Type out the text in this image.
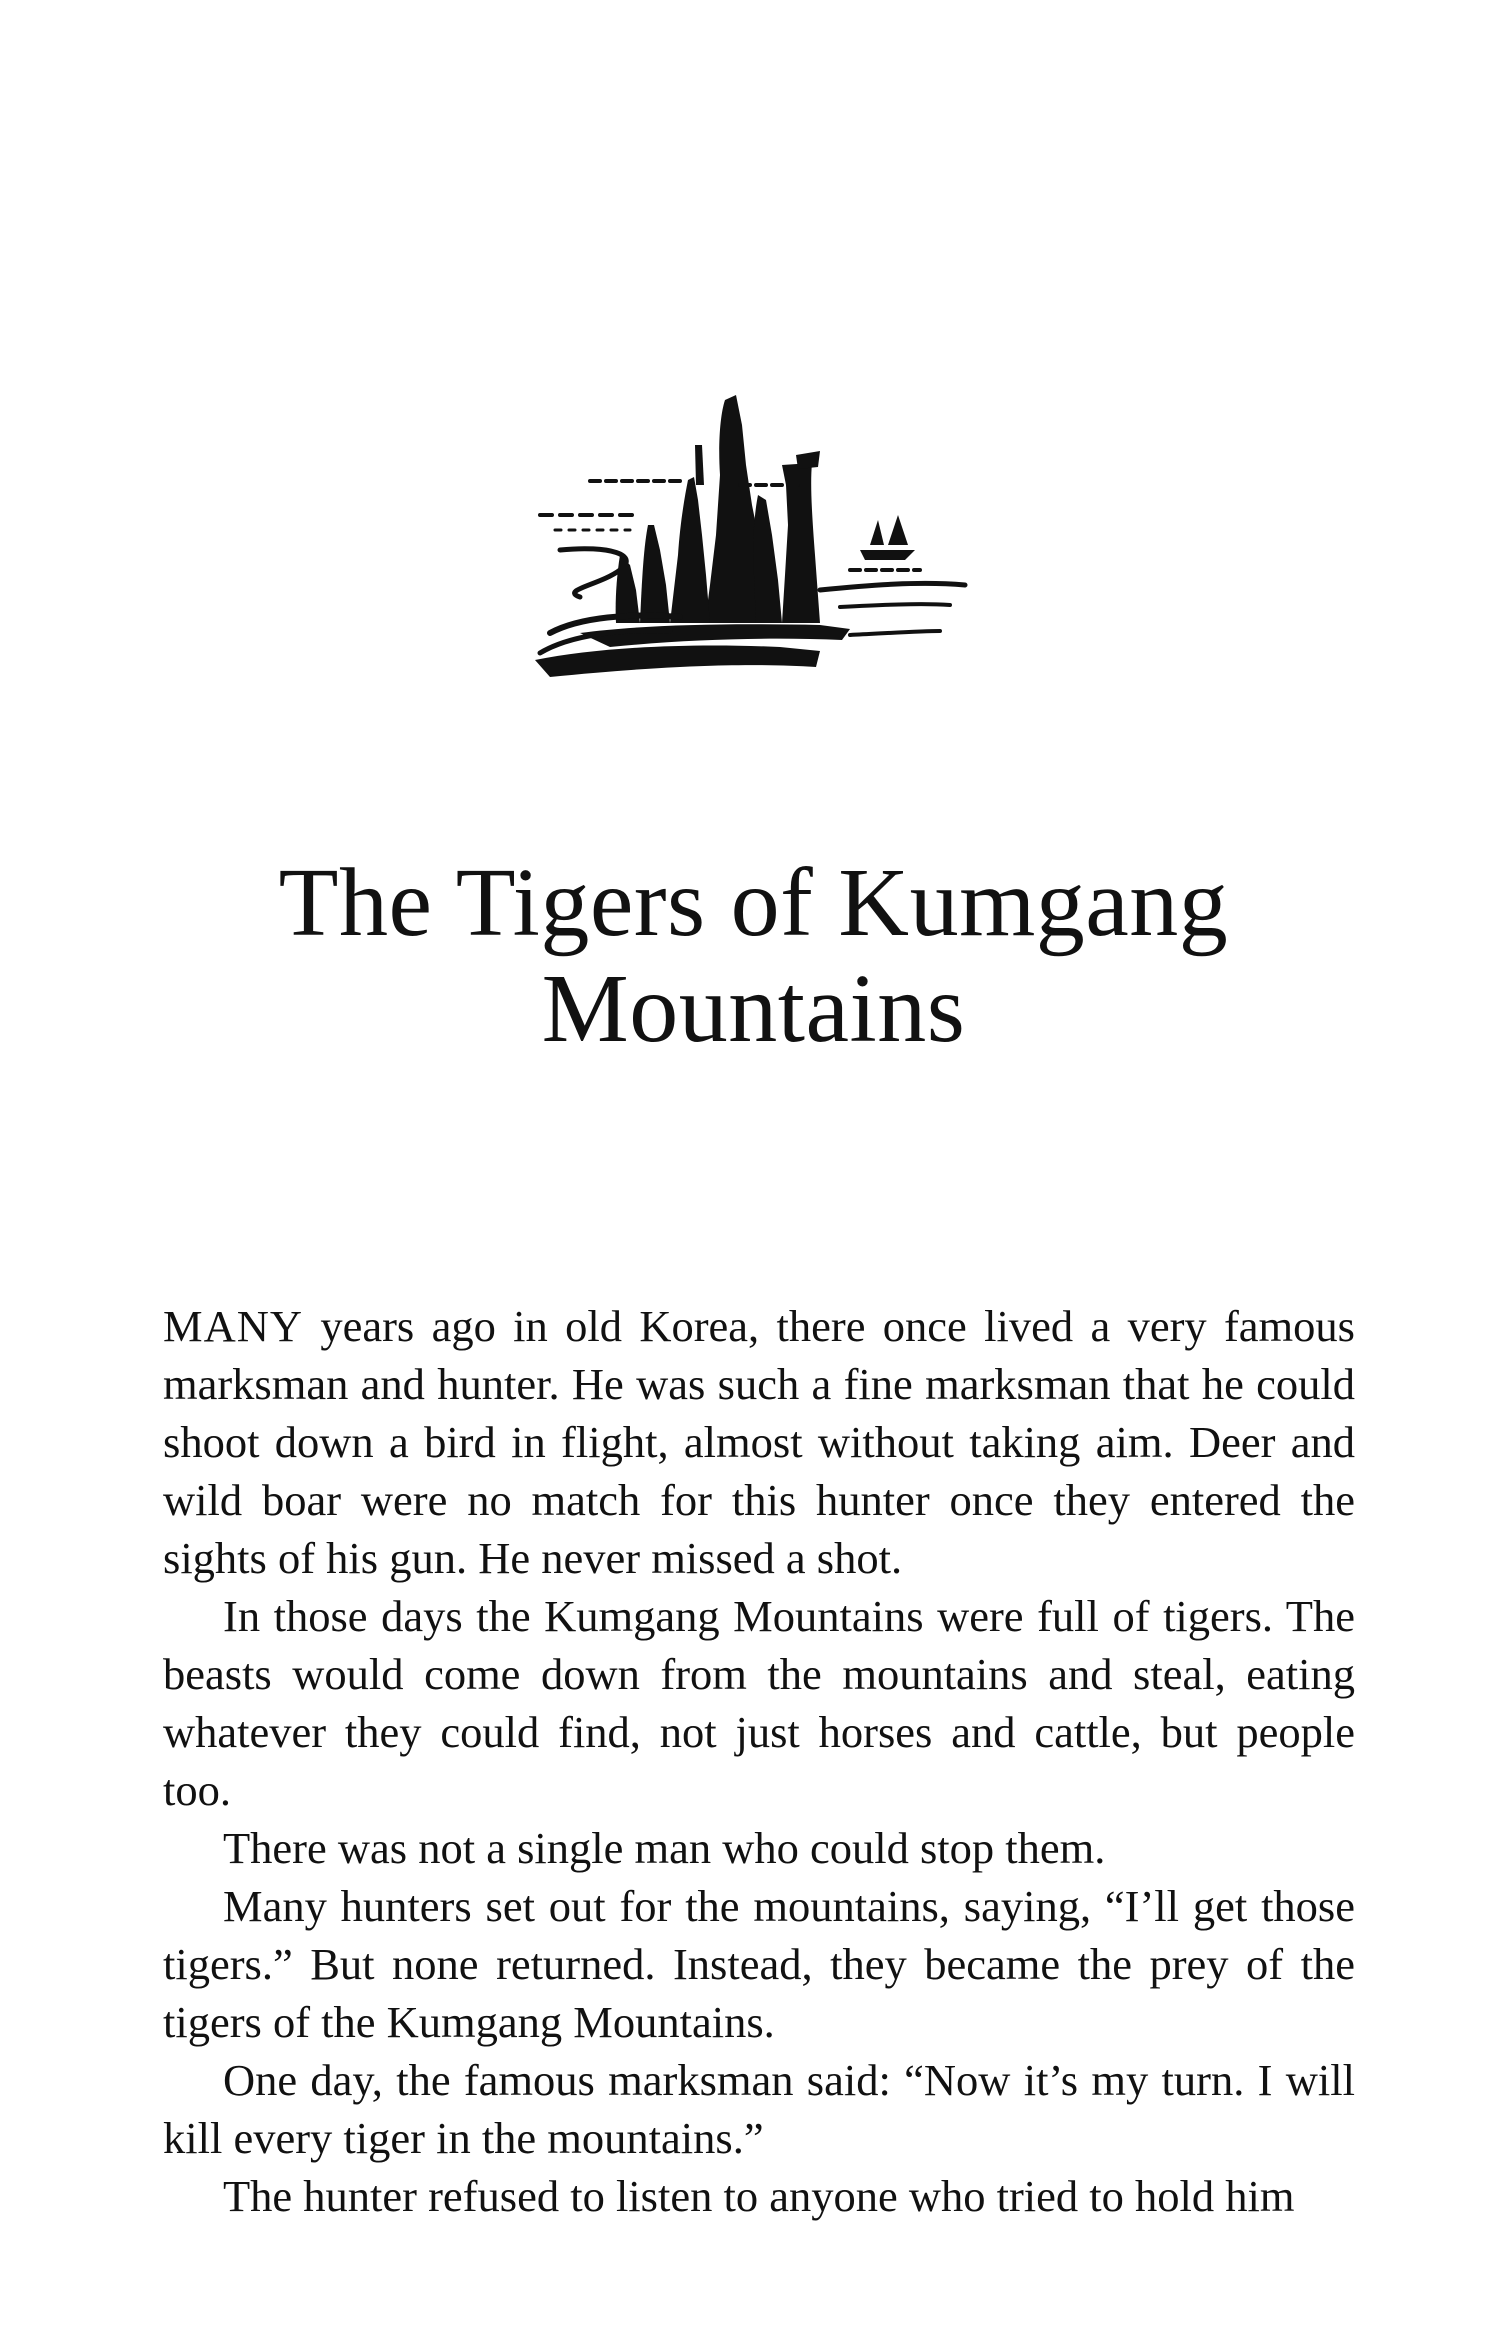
The Tigers of Kumgang
Mountains

MANY years ago in old Korea, there once lived a very famous marksman and hunter. He was such a fine marksman that he could shoot down a bird in flight, almost without taking aim. Deer and wild boar were no match for this hunter once they entered the sights of his gun. He never missed a shot.

In those days the Kumgang Mountains were full of tigers. The beasts would come down from the mountains and steal, eating whatever they could find, not just horses and cattle, but people too.

There was not a single man who could stop them.

Many hunters set out for the mountains, saying, “I’ll get those tigers.” But none returned. Instead, they became the prey of the tigers of the Kumgang Mountains.

One day, the famous marksman said: “Now it’s my turn. I will kill every tiger in the mountains.”

The hunter refused to listen to anyone who tried to hold him
